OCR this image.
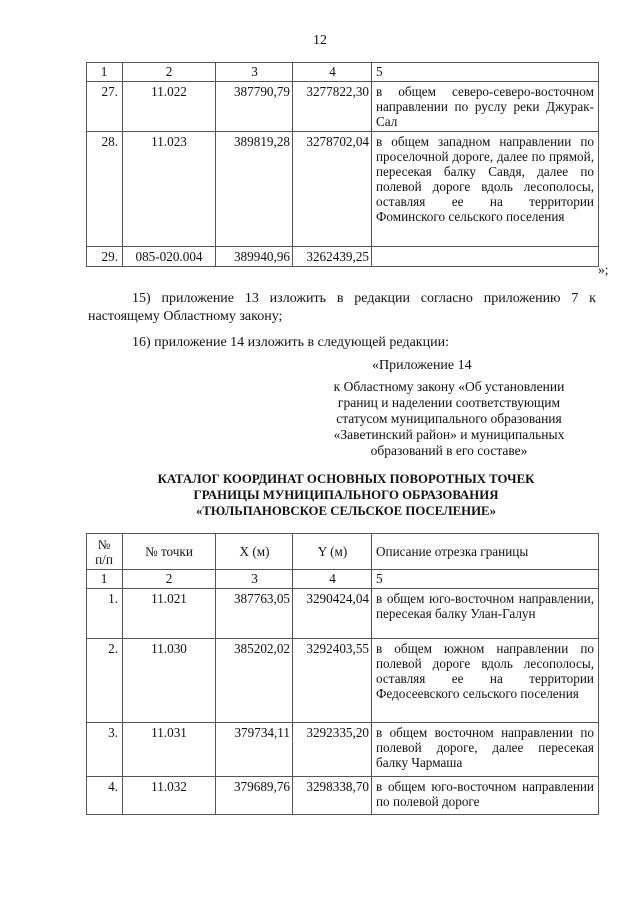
12
1	2	3	4	5
27.	11.022	387790,79	3277822,30	в общем северо-северо-восточном направлении по руслу реки Джурак-Сал
28.	11.023	389819,28	3278702,04	в общем западном направлении по проселочной дороге, далее по прямой, пересекая балку Савдя, далее по полевой дороге вдоль лесополосы, оставляя ее на территории Фоминского сельского поселения
29.	085-020.004	389940,96	3262439,25	
»;
15) приложение 13 изложить в редакции согласно приложению 7 к настоящему Областному закону;
16) приложение 14 изложить в следующей редакции:
«Приложение 14
к Областному закону «Об установлении
границ и наделении соответствующим
статусом муниципального образования
«Заветинский район» и муниципальных
образований в его составе»
КАТАЛОГ КООРДИНАТ ОСНОВНЫХ ПОВОРОТНЫХ ТОЧЕК
ГРАНИЦЫ МУНИЦИПАЛЬНОГО ОБРАЗОВАНИЯ
«ТЮЛЬПАНОВСКОЕ СЕЛЬСКОЕ ПОСЕЛЕНИЕ»
№
п/п	№ точки	X (м)	Y (м)	Описание отрезка границы
1	2	3	4	5
1.	11.021	387763,05	3290424,04	в общем юго-восточном направлении, пересекая балку Улан-Галун
2.	11.030	385202,02	3292403,55	в общем южном направлении по полевой дороге вдоль лесополосы, оставляя ее на территории Федосеевского сельского поселения
3.	11.031	379734,11	3292335,20	в общем восточном направлении по полевой дороге, далее пересекая балку Чармаша
4.	11.032	379689,76	3298338,70	в общем юго-восточном направлении по полевой дороге
